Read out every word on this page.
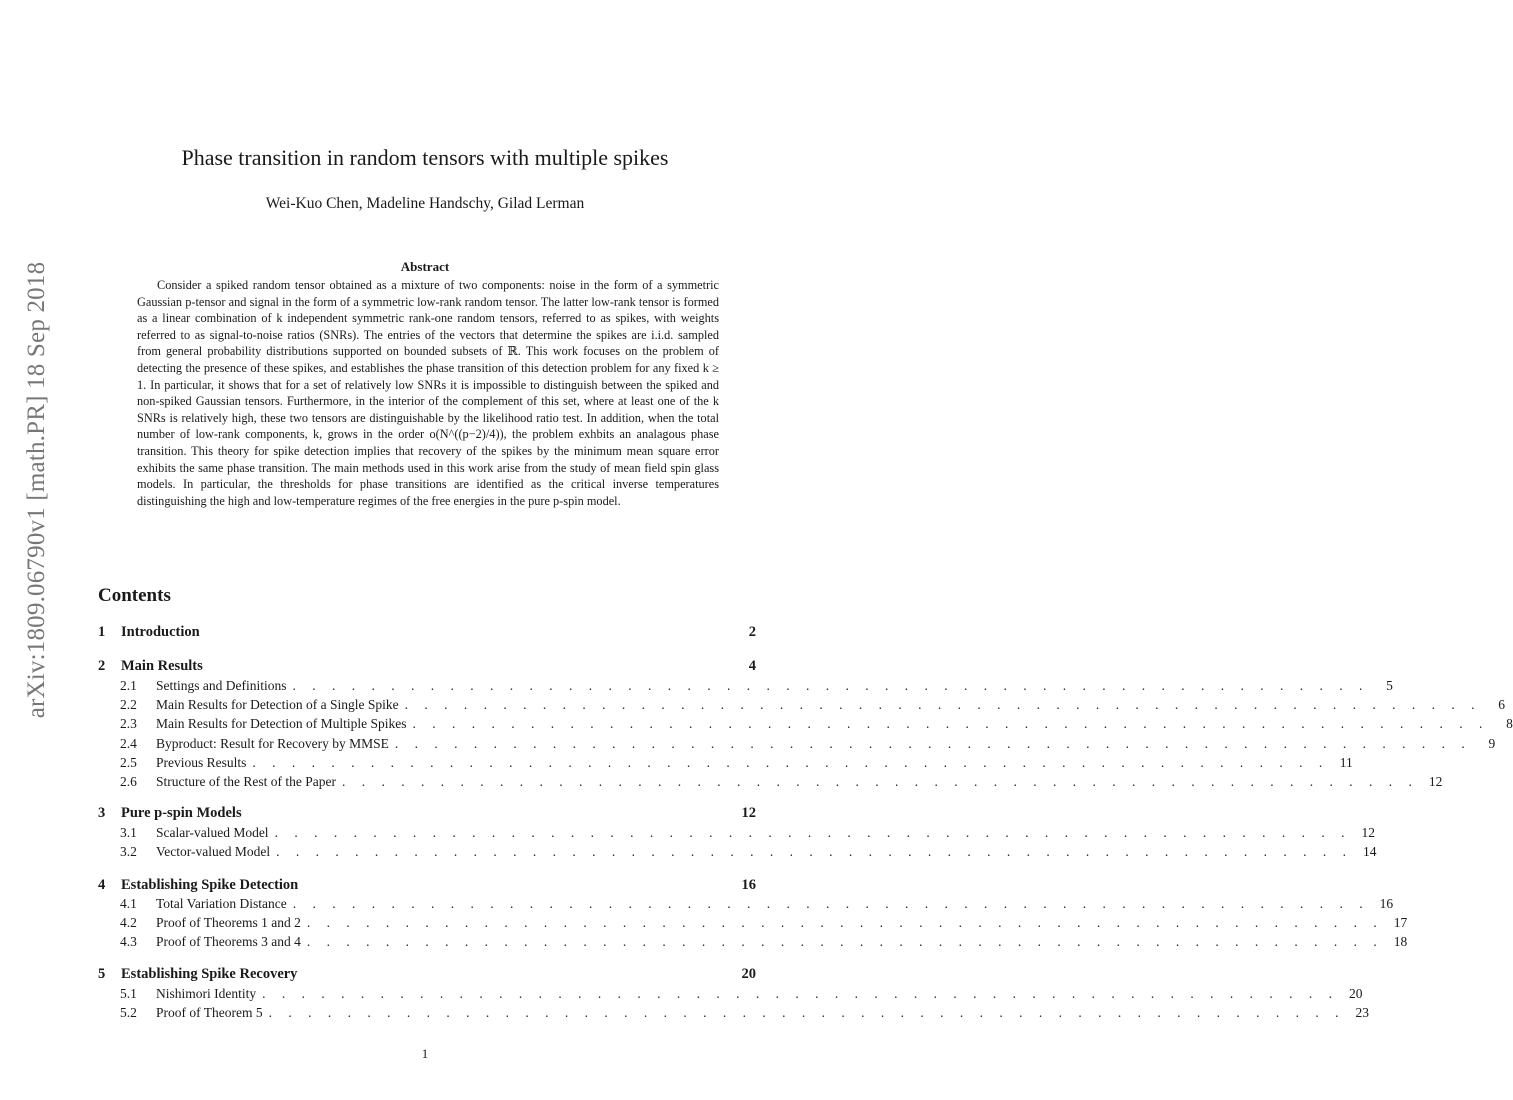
arXiv:1809.06790v1 [math.PR] 18 Sep 2018
Phase transition in random tensors with multiple spikes
Wei-Kuo Chen, Madeline Handschy, Gilad Lerman
Abstract

Consider a spiked random tensor obtained as a mixture of two components: noise in the form of a symmetric Gaussian p-tensor and signal in the form of a symmetric low-rank random tensor. The latter low-rank tensor is formed as a linear combination of k independent symmetric rank-one random tensors, referred to as spikes, with weights referred to as signal-to-noise ratios (SNRs). The entries of the vectors that determine the spikes are i.i.d. sampled from general probability distributions supported on bounded subsets of ℝ. This work focuses on the problem of detecting the presence of these spikes, and establishes the phase transition of this detection problem for any fixed k ≥ 1. In particular, it shows that for a set of relatively low SNRs it is impossible to distinguish between the spiked and non-spiked Gaussian tensors. Furthermore, in the interior of the complement of this set, where at least one of the k SNRs is relatively high, these two tensors are distinguishable by the likelihood ratio test. In addition, when the total number of low-rank components, k, grows in the order o(N^((p−2)/4)), the problem exhbits an analagous phase transition. This theory for spike detection implies that recovery of the spikes by the minimum mean square error exhibits the same phase transition. The main methods used in this work arise from the study of mean field spin glass models. In particular, the thresholds for phase transitions are identified as the critical inverse temperatures distinguishing the high and low-temperature regimes of the free energies in the pure p-spin model.

Contents
1 Introduction	2
2 Main Results	4
2.1	Settings and Definitions . . . . . . . . . . . . . . . . . . . . . . . . . . . . . . . . . . . . . . . . . . . . . . . . . . . . . . .	5
2.2	Main Results for Detection of a Single Spike . . . . . . . . . . . . . . . . . . . . . . . . . . . . . . . . . . . . . . . . . . . . . . . . . . . . . . .	6
2.3	Main Results for Detection of Multiple Spikes . . . . . . . . . . . . . . . . . . . . . . . . . . . . . . . . . . . . . . . . . . . . . . . . . . . . . . .	8
2.4	Byproduct: Result for Recovery by MMSE . . . . . . . . . . . . . . . . . . . . . . . . . . . . . . . . . . . . . . . . . . . . . . . . . . . . . . .	9
2.5	Previous Results . . . . . . . . . . . . . . . . . . . . . . . . . . . . . . . . . . . . . . . . . . . . . . . . . . . . . . . 11
2.6	Structure of the Rest of the Paper . . . . . . . . . . . . . . . . . . . . . . . . . . . . . . . . . . . . . . . . . . . . . . . . . . . . . . . 12
3 Pure p-spin Models	12
3.1	Scalar-valued Model . . . . . . . . . . . . . . . . . . . . . . . . . . . . . . . . . . . . . . . . . . . . . . . . . . . . . . . 12
3.2	Vector-valued Model . . . . . . . . . . . . . . . . . . . . . . . . . . . . . . . . . . . . . . . . . . . . . . . . . . . . . . . 14
4 Establishing Spike Detection	16
4.1	Total Variation Distance . . . . . . . . . . . . . . . . . . . . . . . . . . . . . . . . . . . . . . . . . . . . . . . . . . . . . . . 16
4.2	Proof of Theorems 1 and 2 . . . . . . . . . . . . . . . . . . . . . . . . . . . . . . . . . . . . . . . . . . . . . . . . . . . . . . . 17
4.3	Proof of Theorems 3 and 4 . . . . . . . . . . . . . . . . . . . . . . . . . . . . . . . . . . . . . . . . . . . . . . . . . . . . . . . 18
5 Establishing Spike Recovery	20
5.1	Nishimori Identity . . . . . . . . . . . . . . . . . . . . . . . . . . . . . . . . . . . . . . . . . . . . . . . . . . . . . . . 20
5.2	Proof of Theorem 5 . . . . . . . . . . . . . . . . . . . . . . . . . . . . . . . . . . . . . . . . . . . . . . . . . . . . . . . 23
1
